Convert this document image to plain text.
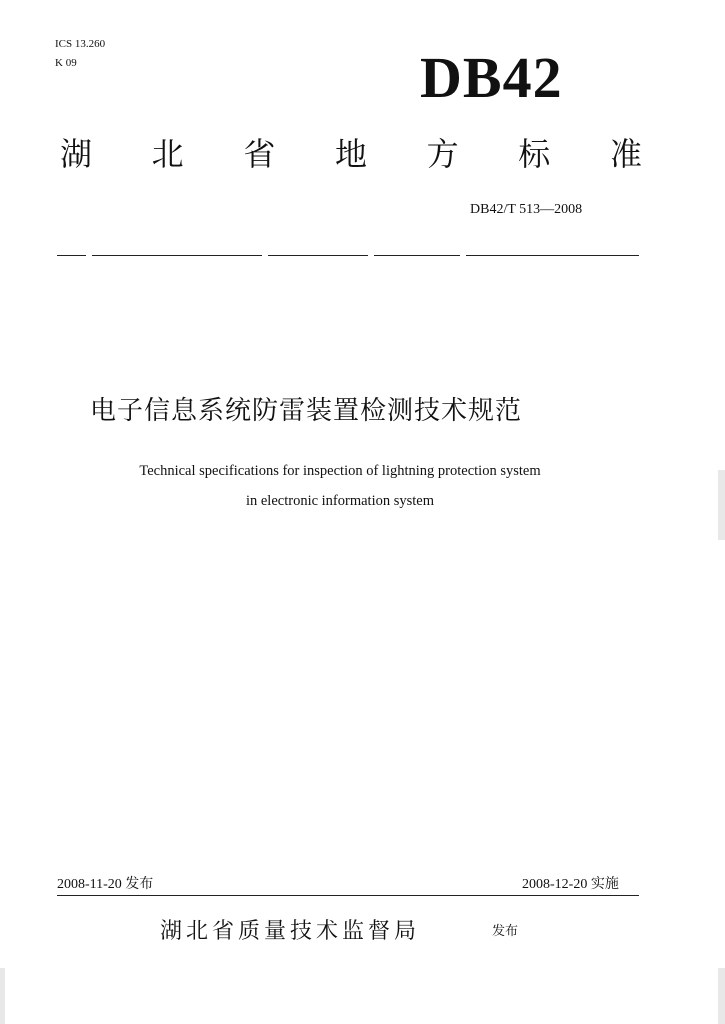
ICS 13.260
K 09	DB42
湖 北 省 地 方 标 准
DB42/T 513—2008
电子信息系统防雷装置检测技术规范
Technical specifications for inspection of lightning protection system
in electronic information system
2008-11-20 发布	2008-12-20 实施
湖北省质量技术监督局	发布
